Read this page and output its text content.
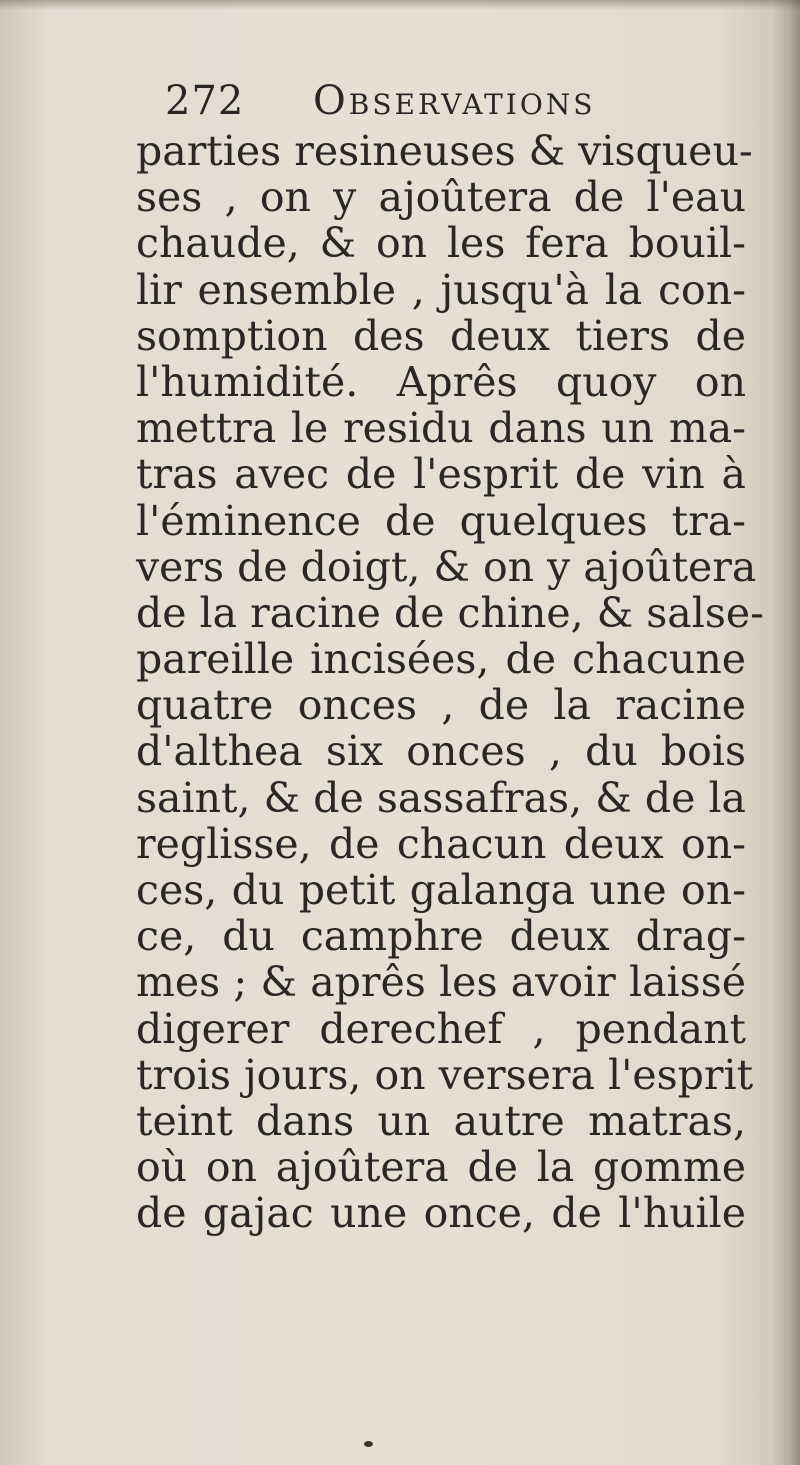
272 Observations
parties resineuses & visqueu-
ses , on y ajoûtera de l'eau
chaude, & on les fera bouil-
lir ensemble , jusqu'à la con-
somption des deux tiers de
l'humidité. Aprês quoy on
mettra le residu dans un ma-
tras avec de l'esprit de vin à
l'éminence de quelques tra-
vers de doigt, & on y ajoûtera
de la racine de chine, & salse-
pareille incisées, de chacune
quatre onces , de la racine
d'althea six onces , du bois
saint, & de sassafras, & de la
reglisse, de chacun deux on-
ces, du petit galanga une on-
ce, du camphre deux drag-
mes ; & aprês les avoir laissé
digerer derechef , pendant
trois jours, on versera l'esprit
teint dans un autre matras,
où on ajoûtera de la gomme
de gajac une once, de l'huile
